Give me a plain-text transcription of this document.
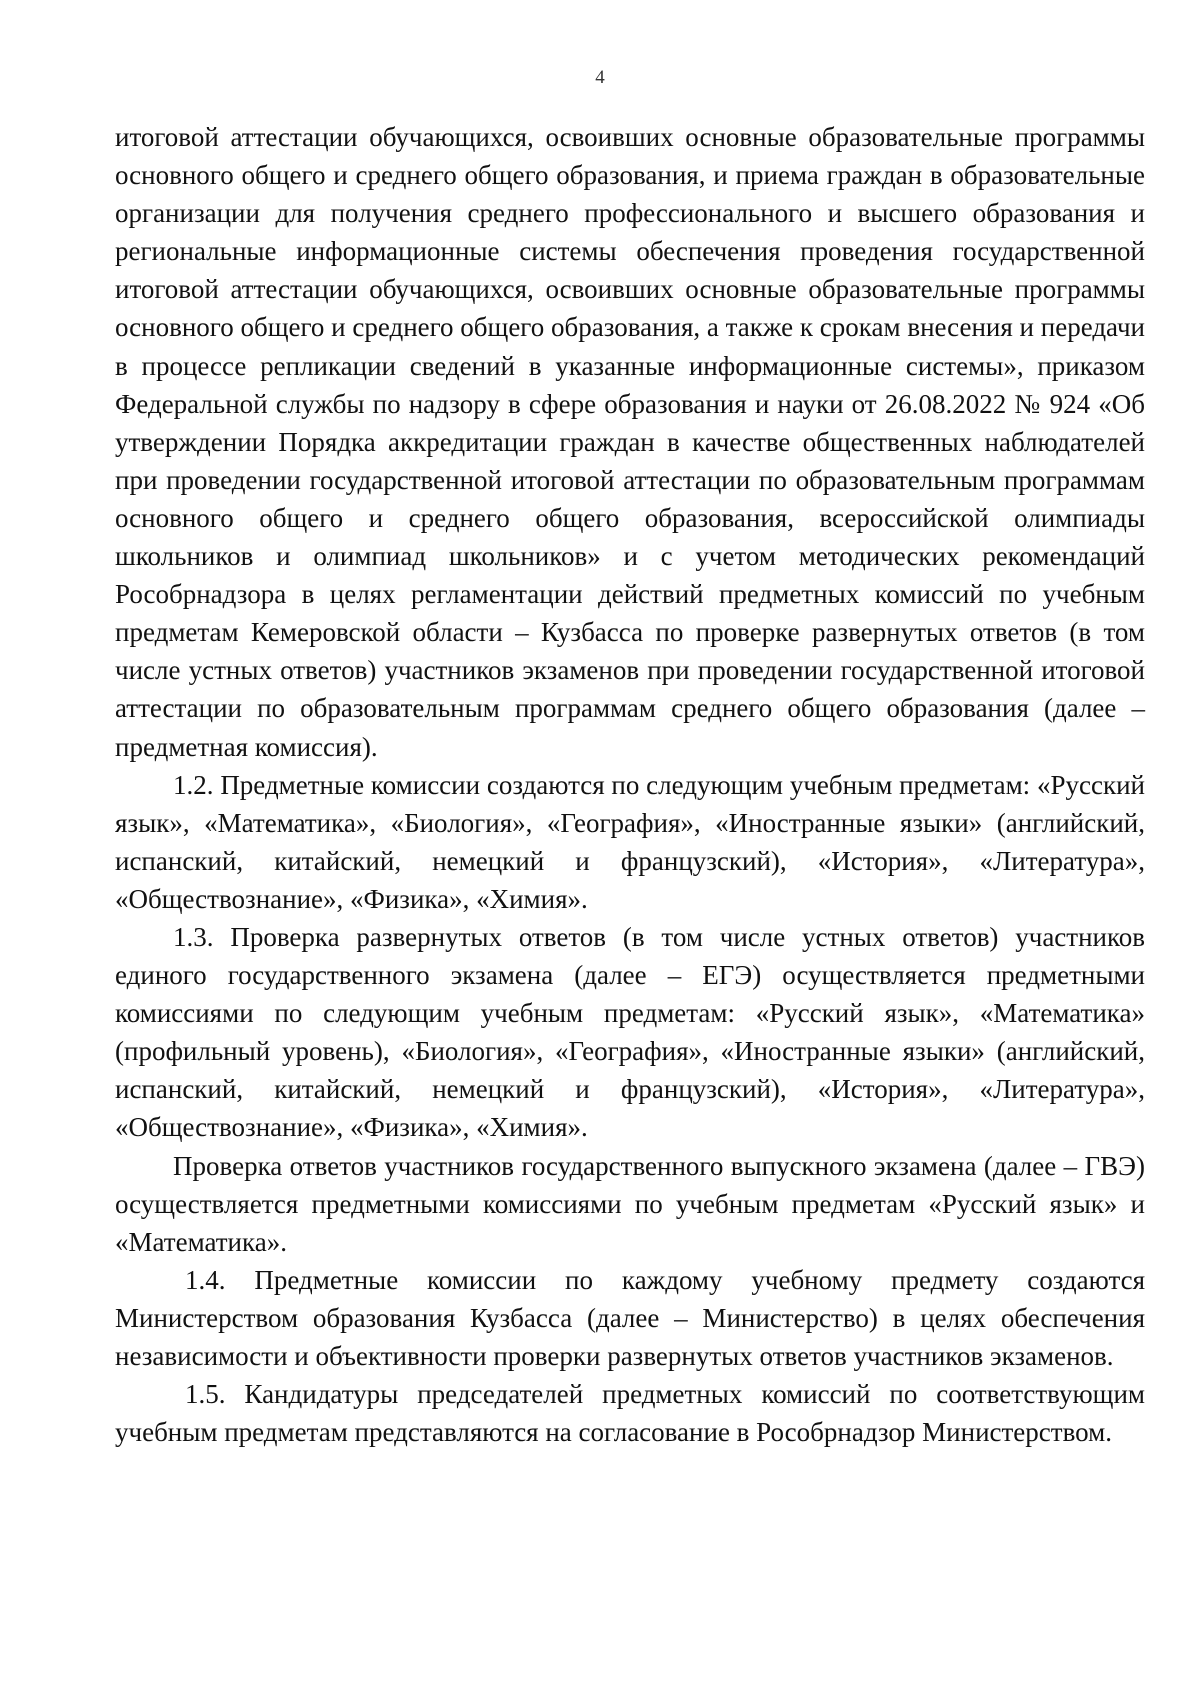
4

итоговой аттестации обучающихся, освоивших основные образовательные программы основного общего и среднего общего образования, и приема граждан в образовательные организации для получения среднего профессионального и высшего образования и региональные информационные системы обеспечения проведения государственной итоговой аттестации обучающихся, освоивших основные образовательные программы основного общего и среднего общего образования, а также к срокам внесения и передачи в процессе репликации сведений в указанные информационные системы», приказом Федеральной службы по надзору в сфере образования и науки от 26.08.2022 № 924 «Об утверждении Порядка аккредитации граждан в качестве общественных наблюдателей при проведении государственной итоговой аттестации по образовательным программам основного общего и среднего общего образования, всероссийской олимпиады школьников и олимпиад школьников» и с учетом методических рекомендаций Рособрнадзора в целях регламентации действий предметных комиссий по учебным предметам Кемеровской области – Кузбасса по проверке развернутых ответов (в том числе устных ответов) участников экзаменов при проведении государственной итоговой аттестации по образовательным программам среднего общего образования (далее – предметная комиссия).

1.2. Предметные комиссии создаются по следующим учебным предметам: «Русский язык», «Математика», «Биология», «География», «Иностранные языки» (английский, испанский, китайский, немецкий и французский), «История», «Литература», «Обществознание», «Физика», «Химия».

1.3. Проверка развернутых ответов (в том числе устных ответов) участников единого государственного экзамена (далее – ЕГЭ) осуществляется предметными комиссиями по следующим учебным предметам: «Русский язык», «Математика» (профильный уровень), «Биология», «География», «Иностранные языки» (английский, испанский, китайский, немецкий и французский), «История», «Литература», «Обществознание», «Физика», «Химия».

Проверка ответов участников государственного выпускного экзамена (далее – ГВЭ) осуществляется предметными комиссиями по учебным предметам «Русский язык» и «Математика».

1.4. Предметные комиссии по каждому учебному предмету создаются Министерством образования Кузбасса (далее – Министерство) в целях обеспечения независимости и объективности проверки развернутых ответов участников экзаменов.

1.5. Кандидатуры председателей предметных комиссий по соответствующим учебным предметам представляются на согласование в Рособрнадзор Министерством.
